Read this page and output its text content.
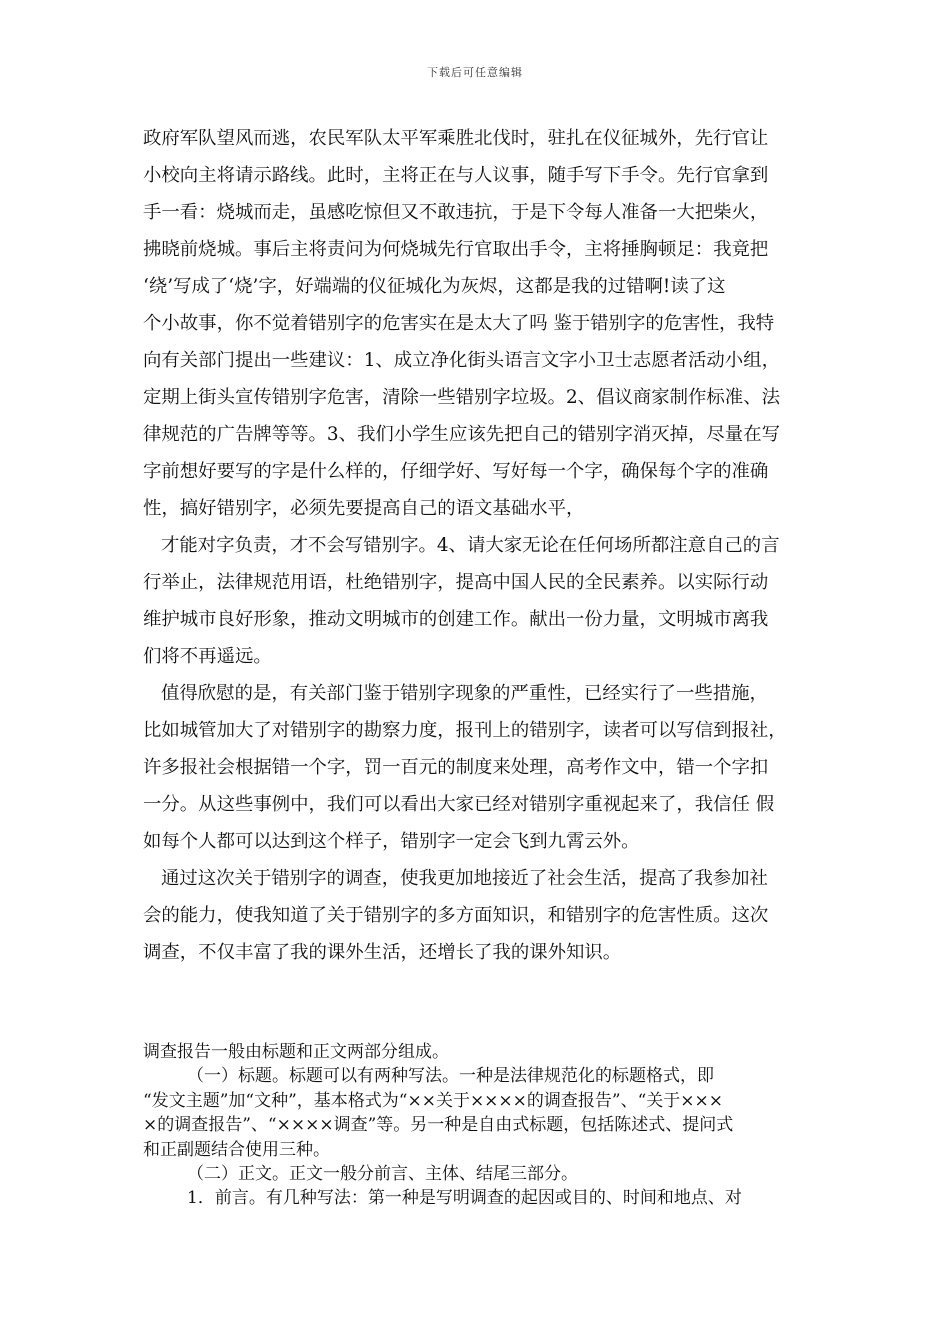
下载后可任意编辑
政府军队望风而逃，农民军队太平军乘胜北伐时，驻扎在仪征城外，先行官让
小校向主将请示路线。此时，主将正在与人议事，随手写下手令。先行官拿到
手一看：烧城而走，虽感吃惊但又不敢违抗，于是下令每人准备一大把柴火，
拂晓前烧城。事后主将责问为何烧城先行官取出手令，主将捶胸顿足：我竟把
‘绕’写成了‘烧’字，好端端的仪征城化为灰烬，这都是我的过错啊!读了这
个小故事，你不觉着错别字的危害实在是太大了吗 鉴于错别字的危害性，我特
向有关部门提出一些建议：1、成立净化街头语言文字小卫士志愿者活动小组，
定期上街头宣传错别字危害，清除一些错别字垃圾。2、倡议商家制作标准、法
律规范的广告牌等等。3、我们小学生应该先把自己的错别字消灭掉，尽量在写
字前想好要写的字是什么样的，仔细学好、写好每一个字，确保每个字的准确
性，搞好错别字，必须先要提高自己的语文基础水平，
才能对字负责，才不会写错别字。4、请大家无论在任何场所都注意自己的言
行举止，法律规范用语，杜绝错别字，提高中国人民的全民素养。以实际行动
维护城市良好形象，推动文明城市的创建工作。献出一份力量，文明城市离我
们将不再遥远。
值得欣慰的是，有关部门鉴于错别字现象的严重性，已经实行了一些措施，
比如城管加大了对错别字的勘察力度，报刊上的错别字，读者可以写信到报社，
许多报社会根据错一个字，罚一百元的制度来处理，高考作文中，错一个字扣
一分。从这些事例中，我们可以看出大家已经对错别字重视起来了，我信任 假
如每个人都可以达到这个样子，错别字一定会飞到九霄云外。
通过这次关于错别字的调查，使我更加地接近了社会生活，提高了我参加社
会的能力，使我知道了关于错别字的多方面知识，和错别字的危害性质。这次
调查，不仅丰富了我的课外生活，还增长了我的课外知识。
调查报告一般由标题和正文两部分组成。
（一）标题。标题可以有两种写法。一种是法律规范化的标题格式，即
“发文主题”加“文种”，基本格式为“××关于××××的调查报告”、“关于×××
×的调查报告”、“××××调查”等。另一种是自由式标题，包括陈述式、提问式
和正副题结合使用三种。
（二）正文。正文一般分前言、主体、结尾三部分。
1．前言。有几种写法：第一种是写明调查的起因或目的、时间和地点、对
